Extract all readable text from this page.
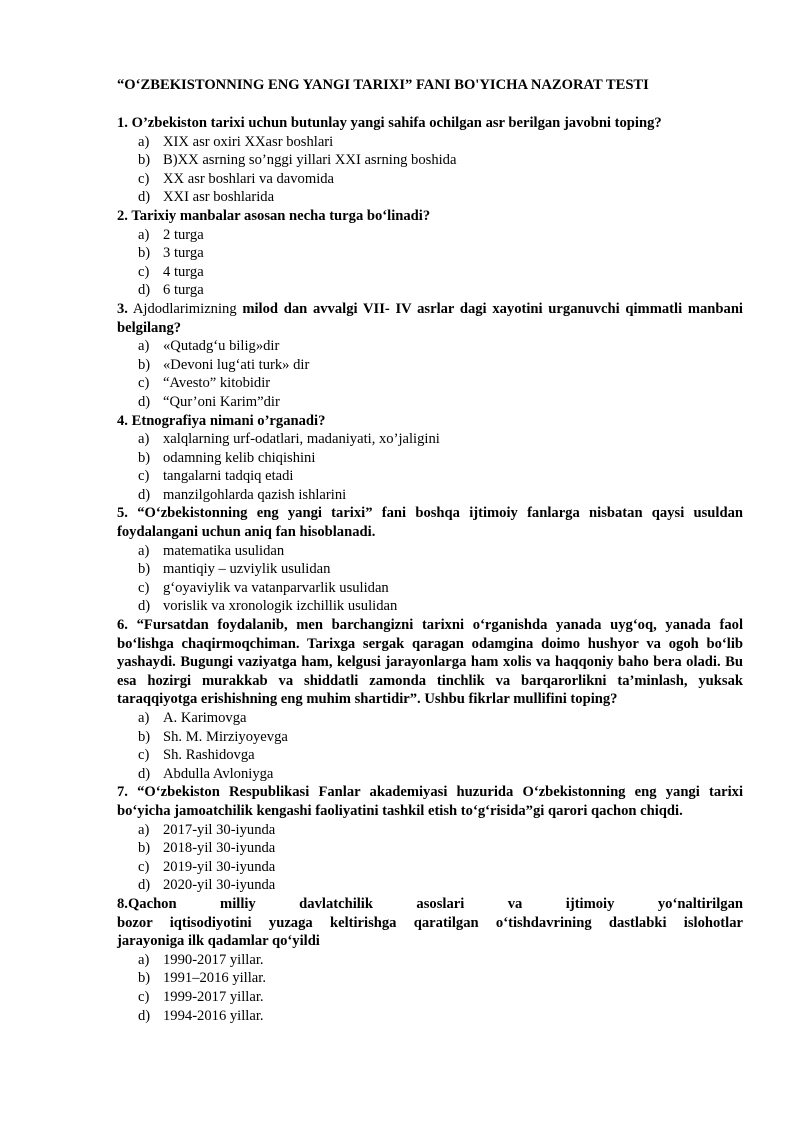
“O‘ZBEKISTONNING ENG YANGI TARIXI” FANI BO'YICHA NAZORAT TESTI
1. O’zbekiston tarixi uchun butunlay yangi sahifa ochilgan asr berilgan javobni toping?
a) XIX asr oxiri XXasr boshlari
b) B)XX asrning so’nggi yillari XXI asrning boshida
c) XX asr boshlari va davomida
d) XXI asr boshlarida
2. Tarixiy manbalar asosan necha turga bo‘linadi?
a) 2 turga
b) 3 turga
c) 4 turga
d) 6 turga
3. Ajdodlarimizning milod dan avvalgi VII- IV asrlar dagi xayotini urganuvchi qimmatli manbani belgilang?
a) «Qutadg‘u bilig»dir
b) «Devoni lug‘ati turk» dir
c) “Avesto” kitobidir
d) “Qur’oni Karim”dir
4. Etnografiya nimani o’rganadi?
a) xalqlarning urf-odatlari, madaniyati, xo’jaligini
b) odamning kelib chiqishini
c) tangalarni tadqiq etadi
d) manzilgohlarda qazish ishlarini
5. “O‘zbekistonning eng yangi tarixi” fani boshqa ijtimoiy fanlarga nisbatan qaysi usuldan foydalangani uchun aniq fan hisoblanadi.
a) matematika usulidan
b) mantiqiy – uzviylik usulidan
c) g‘oyaviylik va vatanparvarlik usulidan
d) vorislik va xronologik izchillik usulidan
6. “Fursatdan foydalanib, men barchangizni tarixni o‘rganishda yanada uyg‘oq, yanada faol bo‘lishga chaqirmoqchiman. Tarixga sergak qaragan odamgina doimo hushyor va ogoh bo‘lib yashaydi. Bugungi vaziyatga ham, kelgusi jarayonlarga ham xolis va haqqoniy baho bera oladi. Bu esa hozirgi murakkab va shiddatli zamonda tinchlik va barqarorlikni ta’minlash, yuksak taraqqiyotga erishishning eng muhim shartidir”. Ushbu fikrlar mullifini toping?
a) A. Karimovga
b) Sh. M. Mirziyoyevga
c) Sh. Rashidovga
d) Abdulla Avloniyga
7. “O‘zbekiston Respublikasi Fanlar akademiyasi huzurida O‘zbekistonning eng yangi tarixi bo‘yicha jamoatchilik kengashi faoliyatini tashkil etish to‘g‘risida”gi qarori qachon chiqdi.
a) 2017-yil 30-iyunda
b) 2018-yil 30-iyunda
c) 2019-yil 30-iyunda
d) 2020-yil 30-iyunda
8.Qachon milliy davlatchilik asoslari va ijtimoiy yo‘naltirilgan
bozor iqtisodiyotini yuzaga keltirishga qaratilgan o‘tishdavrining dastlabki islohotlar
jarayoniga ilk qadamlar qo‘yildi
a) 1990-2017 yillar.
b) 1991–2016 yillar.
c) 1999-2017 yillar.
d) 1994-2016 yillar.
